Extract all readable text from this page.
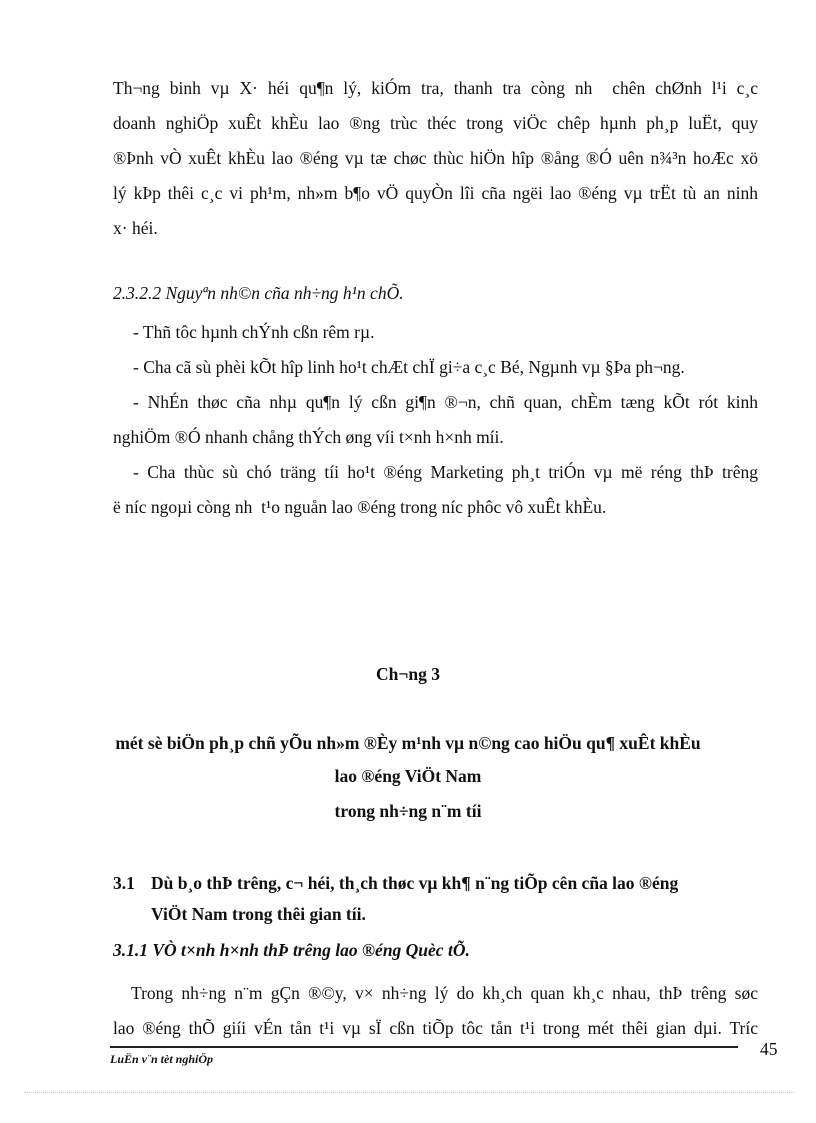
Th¬ng binh vµ X· héi qu¶n lý, kiÓm tra, thanh tra còng nh  chên chØnh l¹i c¸c
doanh nghiÖp xuÊt khÈu lao ®ng trùc théc trong viÖc chêp hµnh ph¸p luËt, quy
®Þnh vÒ xuÊt khÈu lao ®éng vµ tæ chøc thùc hiÖn hîp ®ång ®Ó uên n¾³n hoÆc xö
lý kÞp thêi c¸c vi ph¹m, nh»m b¶o vÖ quyÒn lîi cña ngëi lao ®éng vµ trËt tù an ninh
x· héi.
2.3.2.2 Nguyªn nh©n cña nh÷ng h¹n chÕ.
- Thñ tôc hµnh chÝnh cßn rêm rµ.
- Cha cã sù phèi kÕt hîp linh ho¹t chÆt chÏ gi÷a c¸c Bé, Ngµnh vµ §Þa ph¬ng.
- NhÉn thøc cña nhµ qu¶n lý cßn gi¶n ®¬n, chñ quan, chÈm tæng kÕt rót kinh
nghiÖm ®Ó nhanh chång thÝch øng víi t×nh h×nh míi.
- Cha thùc sù chó träng tíi ho¹t ®éng Marketing ph¸t triÓn vµ më réng thÞ trêng
ë níc ngoµi còng nh  t¹o nguån lao ®éng trong níc phôc vô xuÊt khÈu.
Ch¬ng 3
mét sè biÖn ph¸p chñ yÕu nh»m ®Èy m¹nh vµ n©ng cao hiÖu qu¶ xuÊt khÈu
lao ®éng ViÖt Nam
trong nh÷ng n¨m tíi
3.1 Dù b¸o thÞ trêng, c¬ héi, th¸ch thøc vµ kh¶ n¨ng tiÕp cên cña lao ®éng
ViÖt Nam trong thêi gian tíi.
3.1.1 VÒ t×nh h×nh thÞ trêng lao ®éng Quèc tÕ.
Trong nh÷ng n¨m gÇn ®©y, v× nh÷ng lý do kh¸ch quan kh¸c nhau, thÞ trêng søc
lao ®éng thÕ giíi vÉn tån t¹i vµ sÏ cßn tiÕp tôc tån t¹i trong mét thêi gian dµi. Tríc
LuËn v¨n tèt nghiÖp	45
